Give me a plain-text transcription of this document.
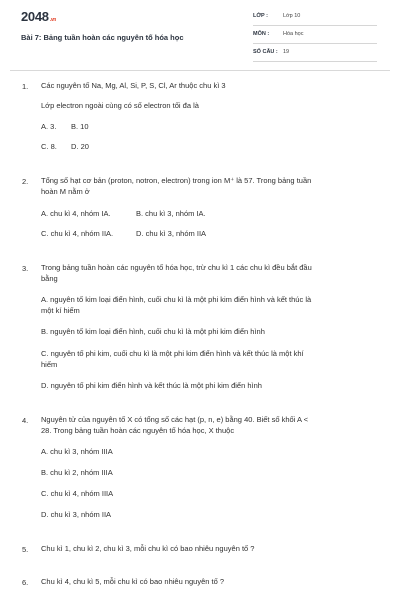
2048.vn
Bài 7: Bảng tuần hoàn các nguyên tố hóa học
LỚP :	Lớp 10
MÔN :	Hóa học
SỐ CÂU : 19
1. Các nguyên tố Na, Mg, Al, Si, P, S, Cl, Ar thuộc chu kì 3
Lớp electron ngoài cùng có số electron tối đa là
A. 3. B. 10
C. 8. D. 20
2. Tổng số hạt cơ bản (proton, notron, electron) trong ion M⁺ là 57. Trong bảng tuần
hoàn M nằm ở
A. chu kì 4, nhóm IA.	B. chu kì 3, nhóm IA.
C. chu kì 4, nhóm IIA.	D. chu kì 3, nhóm IIA
3. Trong bảng tuần hoàn các nguyên tố hóa học, trừ chu kì 1 các chu kì đều bắt đầu
bằng
A. nguyên tố kim loại điển hình, cuối chu kì là một phi kim điển hình và kết thúc là
một kí hiếm
B. nguyên tố kim loại điển hình, cuối chu kì là một phi kim điển hình
C. nguyên tố phi kim, cuối chu kì là một phi kim điển hình và kết thúc là một khí
hiếm
D. nguyên tố phi kim điển hình và kết thúc là một phi kim điển hình
4. Nguyên tử của nguyên tố X có tổng số các hạt (p, n, e) bằng 40. Biết số khối A <
28. Trong bảng tuần hoàn các nguyên tố hóa học, X thuộc
A. chu kì 3, nhóm IIIA
B. chu kì 2, nhóm IIIA
C. chu kì 4, nhóm IIIA
D. chu kì 3, nhóm IIA
5. Chu kì 1, chu kì 2, chu kì 3, mỗi chu kì có bao nhiêu nguyên tố ?
6. Chu kì 4, chu kì 5, mỗi chu kì có bao nhiêu nguyên tố ?
